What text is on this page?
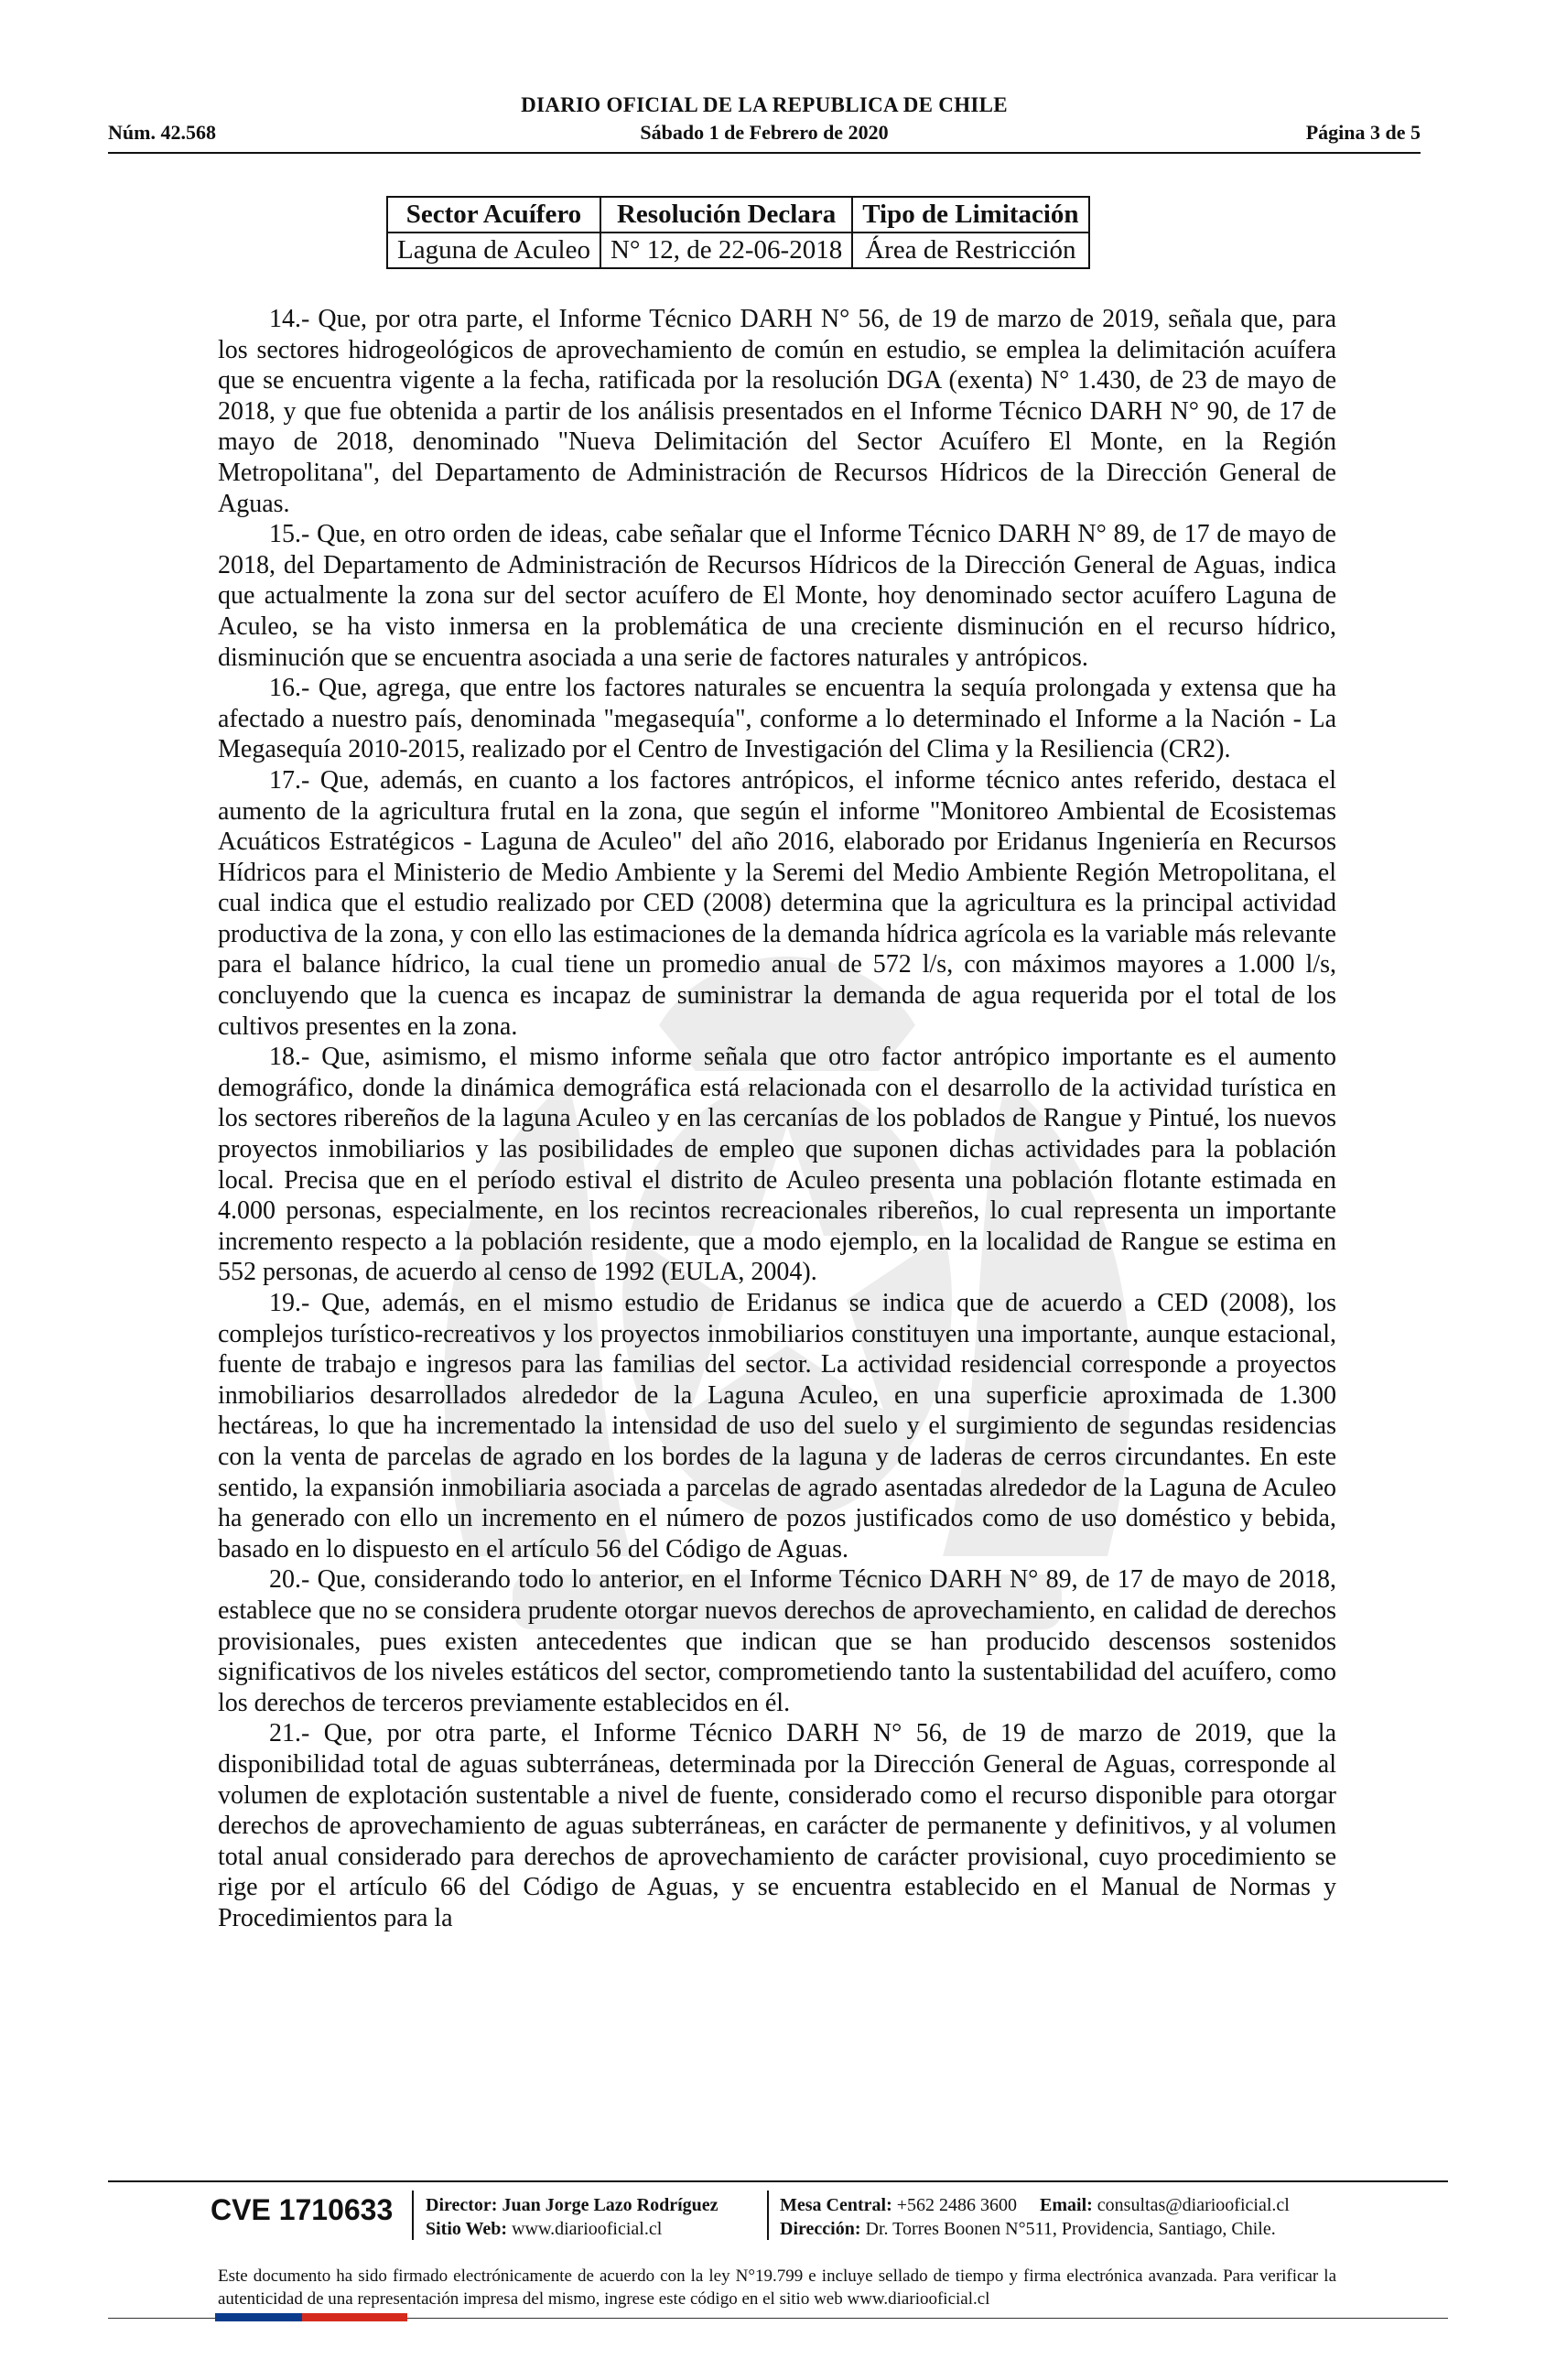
DIARIO OFICIAL DE LA REPUBLICA DE CHILE
Núm. 42.568	Sábado 1 de Febrero de 2020	Página 3 de 5
Sector Acuífero	Resolución Declara	Tipo de Limitación
Laguna de Aculeo	N° 12, de 22-06-2018	Área de Restricción

14.- Que, por otra parte, el Informe Técnico DARH N° 56, de 19 de marzo de 2019, señala que, para los sectores hidrogeológicos de aprovechamiento de común en estudio, se emplea la delimitación acuífera que se encuentra vigente a la fecha, ratificada por la resolución DGA (exenta) N° 1.430, de 23 de mayo de 2018, y que fue obtenida a partir de los análisis presentados en el Informe Técnico DARH N° 90, de 17 de mayo de 2018, denominado "Nueva Delimitación del Sector Acuífero El Monte, en la Región Metropolitana", del Departamento de Administración de Recursos Hídricos de la Dirección General de Aguas.

15.- Que, en otro orden de ideas, cabe señalar que el Informe Técnico DARH N° 89, de 17 de mayo de 2018, del Departamento de Administración de Recursos Hídricos de la Dirección General de Aguas, indica que actualmente la zona sur del sector acuífero de El Monte, hoy denominado sector acuífero Laguna de Aculeo, se ha visto inmersa en la problemática de una creciente disminución en el recurso hídrico, disminución que se encuentra asociada a una serie de factores naturales y antrópicos.

16.- Que, agrega, que entre los factores naturales se encuentra la sequía prolongada y extensa que ha afectado a nuestro país, denominada "megasequía", conforme a lo determinado el Informe a la Nación - La Megasequía 2010-2015, realizado por el Centro de Investigación del Clima y la Resiliencia (CR2).

17.- Que, además, en cuanto a los factores antrópicos, el informe técnico antes referido, destaca el aumento de la agricultura frutal en la zona, que según el informe "Monitoreo Ambiental de Ecosistemas Acuáticos Estratégicos - Laguna de Aculeo" del año 2016, elaborado por Eridanus Ingeniería en Recursos Hídricos para el Ministerio de Medio Ambiente y la Seremi del Medio Ambiente Región Metropolitana, el cual indica que el estudio realizado por CED (2008) determina que la agricultura es la principal actividad productiva de la zona, y con ello las estimaciones de la demanda hídrica agrícola es la variable más relevante para el balance hídrico, la cual tiene un promedio anual de 572 l/s, con máximos mayores a 1.000 l/s, concluyendo que la cuenca es incapaz de suministrar la demanda de agua requerida por el total de los cultivos presentes en la zona.

18.- Que, asimismo, el mismo informe señala que otro factor antrópico importante es el aumento demográfico, donde la dinámica demográfica está relacionada con el desarrollo de la actividad turística en los sectores ribereños de la laguna Aculeo y en las cercanías de los poblados de Rangue y Pintué, los nuevos proyectos inmobiliarios y las posibilidades de empleo que suponen dichas actividades para la población local. Precisa que en el período estival el distrito de Aculeo presenta una población flotante estimada en 4.000 personas, especialmente, en los recintos recreacionales ribereños, lo cual representa un importante incremento respecto a la población residente, que a modo ejemplo, en la localidad de Rangue se estima en 552 personas, de acuerdo al censo de 1992 (EULA, 2004).

19.- Que, además, en el mismo estudio de Eridanus se indica que de acuerdo a CED (2008), los complejos turístico-recreativos y los proyectos inmobiliarios constituyen una importante, aunque estacional, fuente de trabajo e ingresos para las familias del sector. La actividad residencial corresponde a proyectos inmobiliarios desarrollados alrededor de la Laguna Aculeo, en una superficie aproximada de 1.300 hectáreas, lo que ha incrementado la intensidad de uso del suelo y el surgimiento de segundas residencias con la venta de parcelas de agrado en los bordes de la laguna y de laderas de cerros circundantes. En este sentido, la expansión inmobiliaria asociada a parcelas de agrado asentadas alrededor de la Laguna de Aculeo ha generado con ello un incremento en el número de pozos justificados como de uso doméstico y bebida, basado en lo dispuesto en el artículo 56 del Código de Aguas.

20.- Que, considerando todo lo anterior, en el Informe Técnico DARH N° 89, de 17 de mayo de 2018, establece que no se considera prudente otorgar nuevos derechos de aprovechamiento, en calidad de derechos provisionales, pues existen antecedentes que indican que se han producido descensos sostenidos significativos de los niveles estáticos del sector, comprometiendo tanto la sustentabilidad del acuífero, como los derechos de terceros previamente establecidos en él.

21.- Que, por otra parte, el Informe Técnico DARH N° 56, de 19 de marzo de 2019, que la disponibilidad total de aguas subterráneas, determinada por la Dirección General de Aguas, corresponde al volumen de explotación sustentable a nivel de fuente, considerado como el recurso disponible para otorgar derechos de aprovechamiento de aguas subterráneas, en carácter de permanente y definitivos, y al volumen total anual considerado para derechos de aprovechamiento de carácter provisional, cuyo procedimiento se rige por el artículo 66 del Código de Aguas, y se encuentra establecido en el Manual de Normas y Procedimientos para la

CVE 1710633 Director: Juan Jorge Lazo Rodríguez
Sitio Web: www.diariooficial.cl
Mesa Central: +562 2486 3600 Email: consultas@diariooficial.cl
Dirección: Dr. Torres Boonen N°511, Providencia, Santiago, Chile.
Este documento ha sido firmado electrónicamente de acuerdo con la ley N°19.799 e incluye sellado de tiempo y firma electrónica avanzada. Para verificar la autenticidad de una representación impresa del mismo, ingrese este código en el sitio web www.diariooficial.cl
